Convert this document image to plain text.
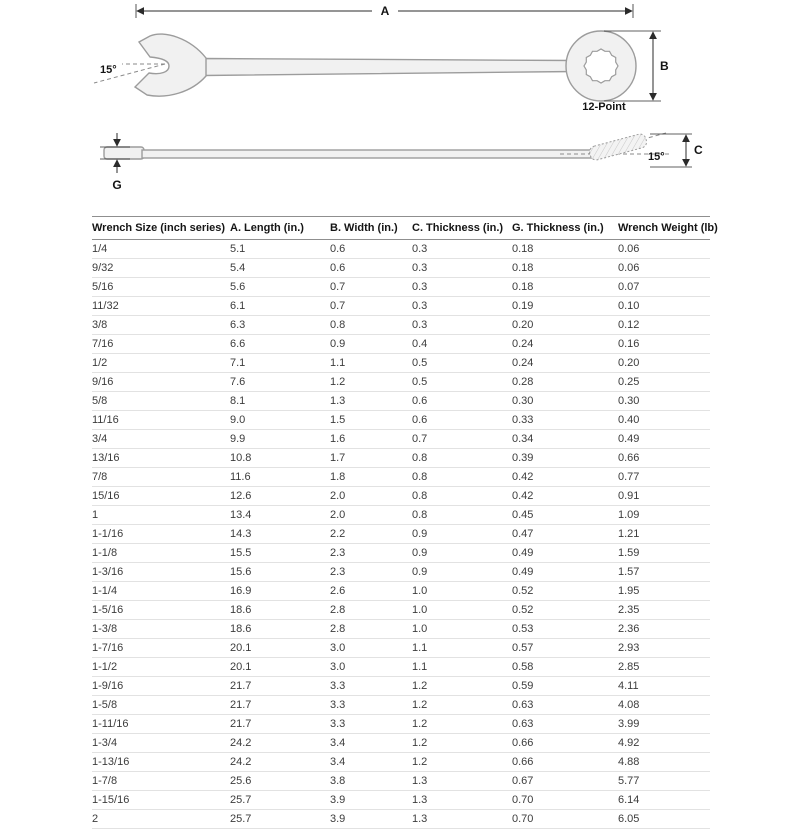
A
B
15°
12-Point
15° C
G
Wrench Size (inch series)	A. Length (in.)	B. Width (in.)	C. Thickness (in.)	G. Thickness (in.)	Wrench Weight (lb)
1/4	5.1	0.6	0.3	0.18	0.06
9/32	5.4	0.6	0.3	0.18	0.06
5/16	5.6	0.7	0.3	0.18	0.07
11/32	6.1	0.7	0.3	0.19	0.10
3/8	6.3	0.8	0.3	0.20	0.12
7/16	6.6	0.9	0.4	0.24	0.16
1/2	7.1	1.1	0.5	0.24	0.20
9/16	7.6	1.2	0.5	0.28	0.25
5/8	8.1	1.3	0.6	0.30	0.30
11/16	9.0	1.5	0.6	0.33	0.40
3/4	9.9	1.6	0.7	0.34	0.49
13/16	10.8	1.7	0.8	0.39	0.66
7/8	11.6	1.8	0.8	0.42	0.77
15/16	12.6	2.0	0.8	0.42	0.91
1	13.4	2.0	0.8	0.45	1.09
1-1/16	14.3	2.2	0.9	0.47	1.21
1-1/8	15.5	2.3	0.9	0.49	1.59
1-3/16	15.6	2.3	0.9	0.49	1.57
1-1/4	16.9	2.6	1.0	0.52	1.95
1-5/16	18.6	2.8	1.0	0.52	2.35
1-3/8	18.6	2.8	1.0	0.53	2.36
1-7/16	20.1	3.0	1.1	0.57	2.93
1-1/2	20.1	3.0	1.1	0.58	2.85
1-9/16	21.7	3.3	1.2	0.59	4.11
1-5/8	21.7	3.3	1.2	0.63	4.08
1-11/16	21.7	3.3	1.2	0.63	3.99
1-3/4	24.2	3.4	1.2	0.66	4.92
1-13/16	24.2	3.4	1.2	0.66	4.88
1-7/8	25.6	3.8	1.3	0.67	5.77
1-15/16	25.7	3.9	1.3	0.70	6.14
2	25.7	3.9	1.3	0.70	6.05
